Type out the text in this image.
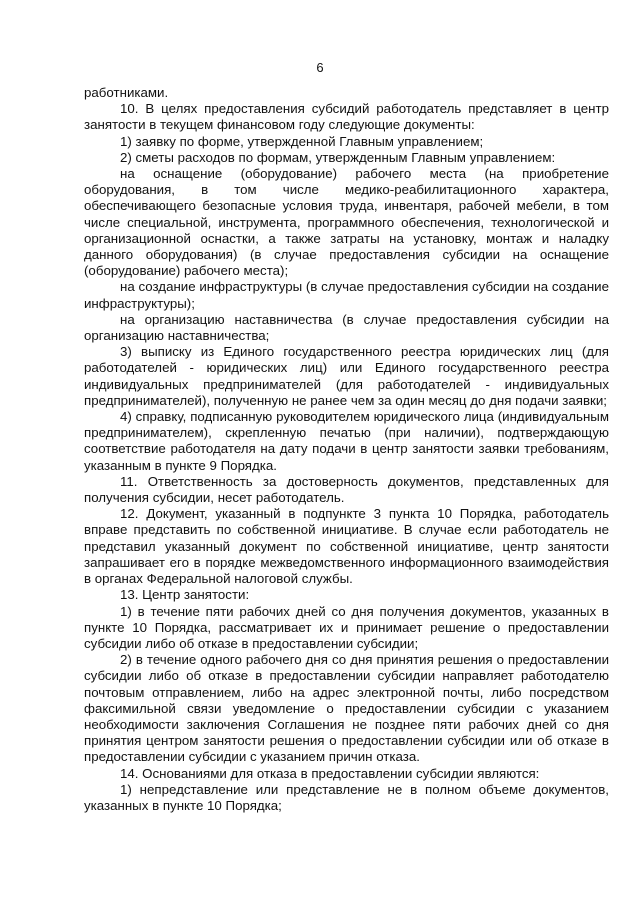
6

работниками.

10. В целях предоставления субсидий работодатель представляет в центр занятости в текущем финансовом году следующие документы:

1) заявку по форме, утвержденной Главным управлением;

2) сметы расходов по формам, утвержденным Главным управлением:

на оснащение (оборудование) рабочего места (на приобретение оборудования, в том числе медико-реабилитационного характера, обеспечивающего безопасные условия труда, инвентаря, рабочей мебели, в том числе специальной, инструмента, программного обеспечения, технологической и организационной оснастки, а также затраты на установку, монтаж и наладку данного оборудования) (в случае предоставления субсидии на оснащение (оборудование) рабочего места);

на создание инфраструктуры (в случае предоставления субсидии на создание инфраструктуры);

на организацию наставничества (в случае предоставления субсидии на организацию наставничества;

3) выписку из Единого государственного реестра юридических лиц (для работодателей - юридических лиц) или Единого государственного реестра индивидуальных предпринимателей (для работодателей - индивидуальных предпринимателей), полученную не ранее чем за один месяц до дня подачи заявки;

4) справку, подписанную руководителем юридического лица (индивидуальным предпринимателем), скрепленную печатью (при наличии), подтверждающую соответствие работодателя на дату подачи в центр занятости заявки требованиям, указанным в пункте 9 Порядка.

11. Ответственность за достоверность документов, представленных для получения субсидии, несет работодатель.

12. Документ, указанный в подпункте 3 пункта 10 Порядка, работодатель вправе представить по собственной инициативе. В случае если работодатель не представил указанный документ по собственной инициативе, центр занятости запрашивает его в порядке межведомственного информационного взаимодействия в органах Федеральной налоговой службы.

13. Центр занятости:

1) в течение пяти рабочих дней со дня получения документов, указанных в пункте 10 Порядка, рассматривает их и принимает решение о предоставлении субсидии либо об отказе в предоставлении субсидии;

2) в течение одного рабочего дня со дня принятия решения о предоставлении субсидии либо об отказе в предоставлении субсидии направляет работодателю почтовым отправлением, либо на адрес электронной почты, либо посредством факсимильной связи уведомление о предоставлении субсидии с указанием необходимости заключения Соглашения не позднее пяти рабочих дней со дня принятия центром занятости решения о предоставлении субсидии или об отказе в предоставлении субсидии с указанием причин отказа.

14. Основаниями для отказа в предоставлении субсидии являются:

1) непредставление или представление не в полном объеме документов, указанных в пункте 10 Порядка;
